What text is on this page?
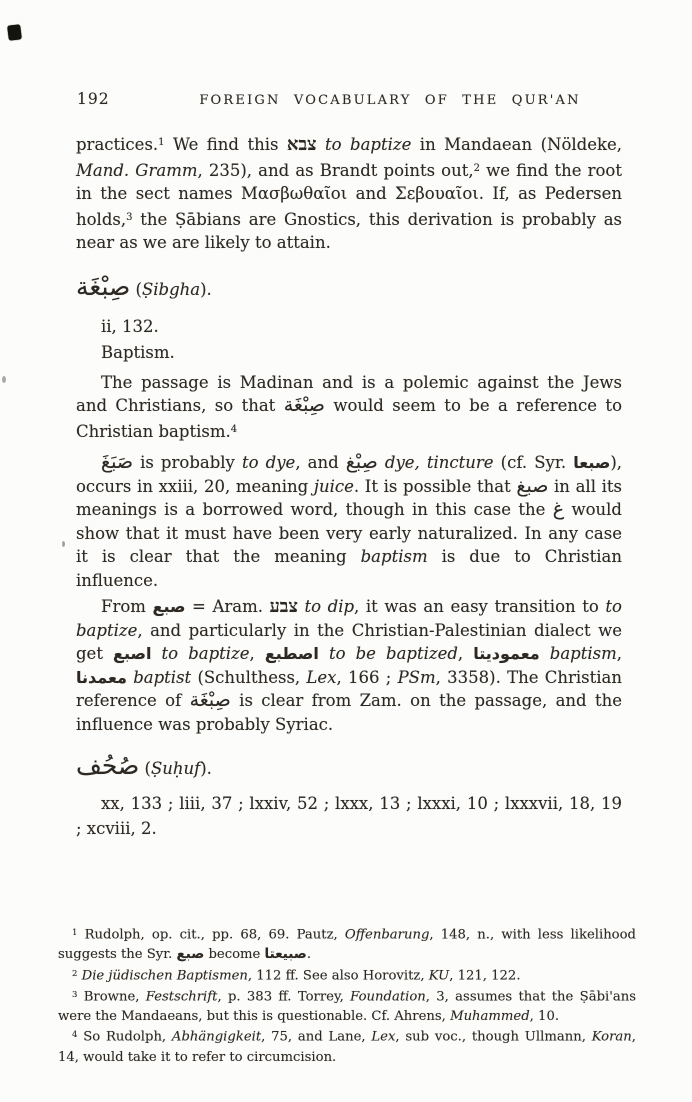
192	FOREIGN VOCABULARY OF THE QUR'AN

practices.$^1$ We find this צבא to baptize in Mandaean (Nöldeke, Mand. Gramm, 235), and as Brandt points out,$^2$ we find the root in the sect names Μασβωθαῖοι and Σεβουαῖοι. If, as Pedersen holds,$^3$ the Ṣābians are Gnostics, this derivation is probably as near as we are likely to attain.

صِبْغَة (Ṣibgha).

ii, 132.

Baptism.

The passage is Madinan and is a polemic against the Jews and Christians, so that صِبْغَة would seem to be a reference to Christian baptism.$^4$

صَبَغَ is probably to dye, and صِبْغ dye, tincture (cf. Syr. صبعا), occurs in xxiii, 20, meaning juice. It is possible that صبغ in all its meanings is a borrowed word, though in this case the غ would show that it must have been very early naturalized. In any case it is clear that the meaning baptism is due to Christian influence.

From صبع = Aram. צבע to dip, it was an easy transition to to baptize, and particularly in the Christian-Palestinian dialect we get اصبع to baptize, اصطبع to be baptized, معموديتا baptism, معمدنا baptist (Schulthess, Lex, 166 ; PSm, 3358). The Christian reference of صِبْغَة is clear from Zam. on the passage, and the influence was probably Syriac.

صُحُف (Ṣuḥuf).

xx, 133 ; liii, 37 ; lxxiv, 52 ; lxxx, 13 ; lxxxi, 10 ; lxxxvii, 18, 19 ; xcviii, 2.

$^1$ Rudolph, op. cit., pp. 68, 69. Pautz, Offenbarung, 148, n., with less likelihood suggests the Syr. صبع become صبيعتا.

$^2$ Die jüdischen Baptismen, 112 ff. See also Horovitz, KU, 121, 122.

$^3$ Browne, Festschrift, p. 383 ff. Torrey, Foundation, 3, assumes that the Ṣābi'ans were the Mandaeans, but this is questionable. Cf. Ahrens, Muhammed, 10.

$^4$ So Rudolph, Abhängigkeit, 75, and Lane, Lex, sub voc., though Ullmann, Koran, 14, would take it to refer to circumcision.
